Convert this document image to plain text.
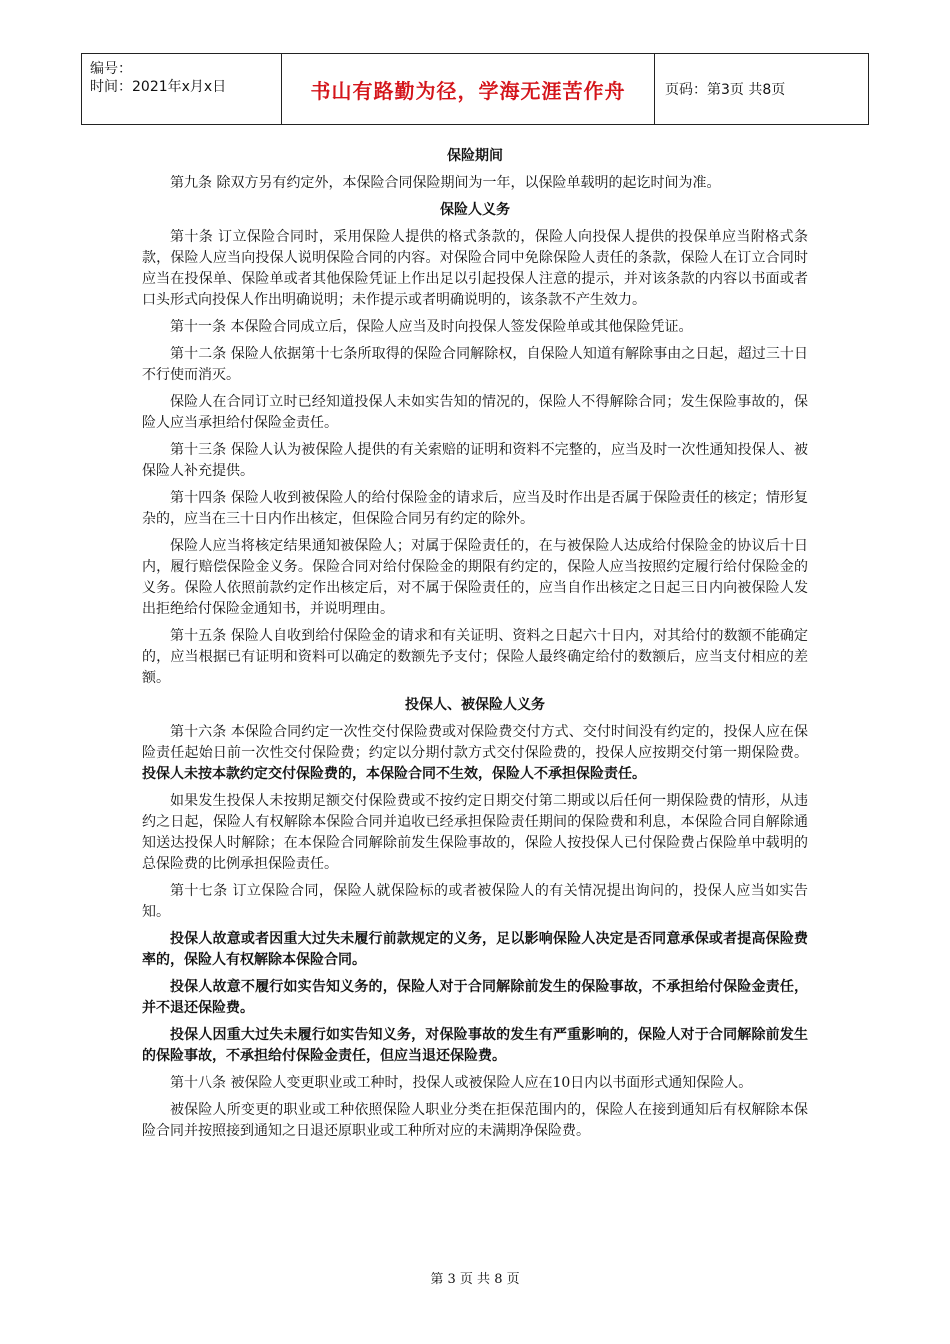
编号：
时间：2021年x月x日	书山有路勤为径，学海无涯苦作舟	页码：第3页 共8页
保险期间

第九条 除双方另有约定外，本保险合同保险期间为一年，以保险单载明的起讫时间为准。

保险人义务

第十条 订立保险合同时，采用保险人提供的格式条款的，保险人向投保人提供的投保单应当附格式条款，保险人应当向投保人说明保险合同的内容。对保险合同中免除保险人责任的条款，保险人在订立合同时应当在投保单、保险单或者其他保险凭证上作出足以引起投保人注意的提示，并对该条款的内容以书面或者口头形式向投保人作出明确说明；未作提示或者明确说明的，该条款不产生效力。

第十一条 本保险合同成立后，保险人应当及时向投保人签发保险单或其他保险凭证。

第十二条 保险人依据第十七条所取得的保险合同解除权，自保险人知道有解除事由之日起，超过三十日不行使而消灭。

保险人在合同订立时已经知道投保人未如实告知的情况的，保险人不得解除合同；发生保险事故的，保险人应当承担给付保险金责任。

第十三条 保险人认为被保险人提供的有关索赔的证明和资料不完整的，应当及时一次性通知投保人、被保险人补充提供。

第十四条 保险人收到被保险人的给付保险金的请求后，应当及时作出是否属于保险责任的核定；情形复杂的，应当在三十日内作出核定，但保险合同另有约定的除外。

保险人应当将核定结果通知被保险人；对属于保险责任的，在与被保险人达成给付保险金的协议后十日内，履行赔偿保险金义务。保险合同对给付保险金的期限有约定的，保险人应当按照约定履行给付保险金的义务。保险人依照前款约定作出核定后，对不属于保险责任的，应当自作出核定之日起三日内向被保险人发出拒绝给付保险金通知书，并说明理由。

第十五条 保险人自收到给付保险金的请求和有关证明、资料之日起六十日内，对其给付的数额不能确定的，应当根据已有证明和资料可以确定的数额先予支付；保险人最终确定给付的数额后，应当支付相应的差额。

投保人、被保险人义务

第十六条 本保险合同约定一次性交付保险费或对保险费交付方式、交付时间没有约定的，投保人应在保险责任起始日前一次性交付保险费；约定以分期付款方式交付保险费的，投保人应按期交付第一期保险费。投保人未按本款约定交付保险费的，本保险合同不生效，保险人不承担保险责任。

如果发生投保人未按期足额交付保险费或不按约定日期交付第二期或以后任何一期保险费的情形，从违约之日起，保险人有权解除本保险合同并追收已经承担保险责任期间的保险费和利息，本保险合同自解除通知送达投保人时解除；在本保险合同解除前发生保险事故的，保险人按投保人已付保险费占保险单中载明的总保险费的比例承担保险责任。

第十七条 订立保险合同，保险人就保险标的或者被保险人的有关情况提出询问的，投保人应当如实告知。

投保人故意或者因重大过失未履行前款规定的义务，足以影响保险人决定是否同意承保或者提高保险费率的，保险人有权解除本保险合同。

投保人故意不履行如实告知义务的，保险人对于合同解除前发生的保险事故，不承担给付保险金责任，并不退还保险费。

投保人因重大过失未履行如实告知义务，对保险事故的发生有严重影响的，保险人对于合同解除前发生的保险事故，不承担给付保险金责任，但应当退还保险费。

第十八条 被保险人变更职业或工种时，投保人或被保险人应在10日内以书面形式通知保险人。

被保险人所变更的职业或工种依照保险人职业分类在拒保范围内的，保险人在接到通知后有权解除本保险合同并按照接到通知之日退还原职业或工种所对应的未满期净保险费。

第 3 页 共 8 页
